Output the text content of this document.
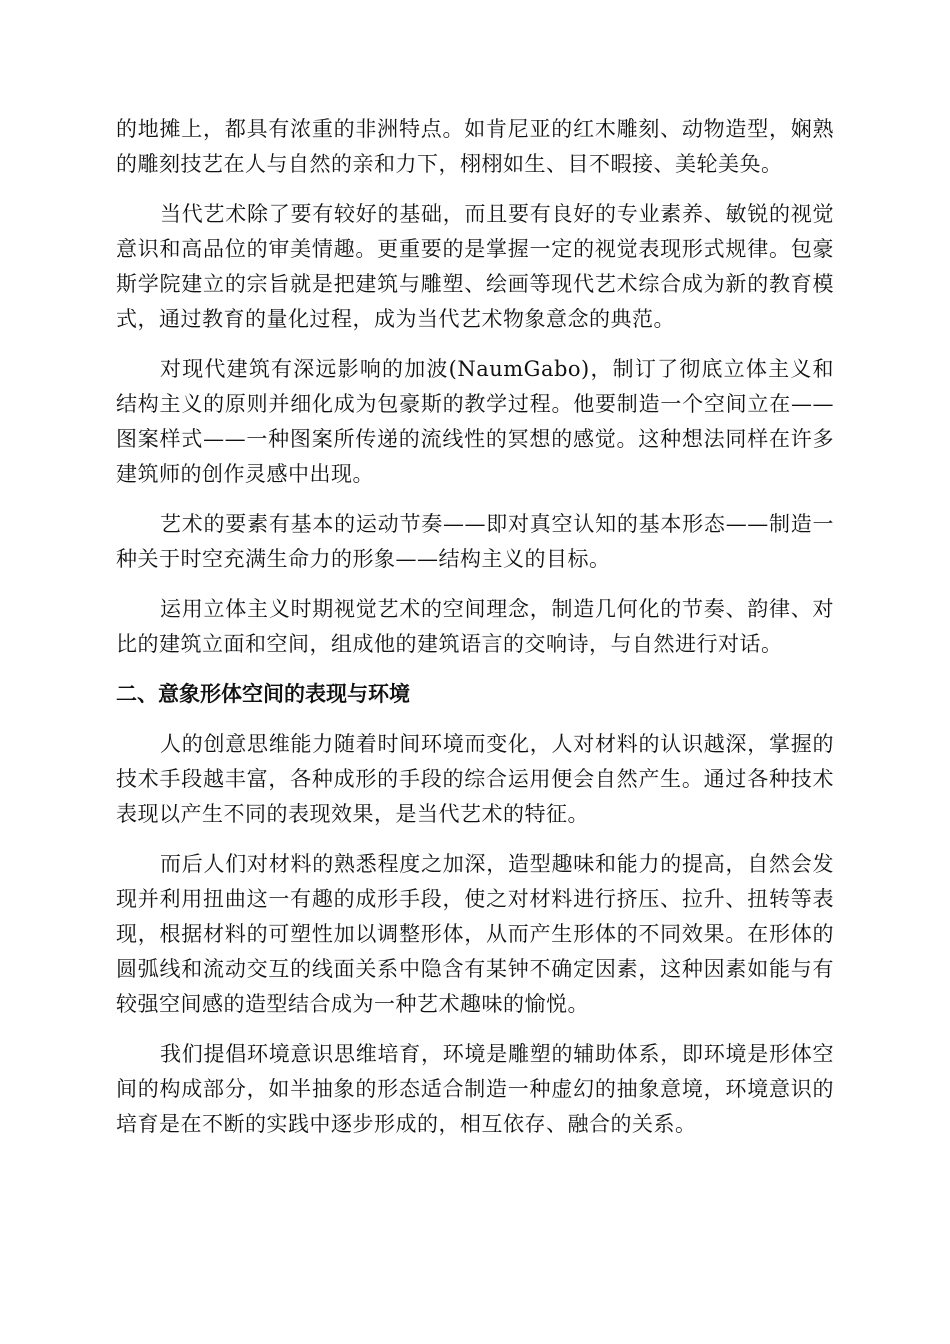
的地摊上，都具有浓重的非洲特点。如肯尼亚的红木雕刻、动物造型，娴熟的雕刻技艺在人与自然的亲和力下，栩栩如生、目不暇接、美轮美奂。

当代艺术除了要有较好的基础，而且要有良好的专业素养、敏锐的视觉意识和高品位的审美情趣。更重要的是掌握一定的视觉表现形式规律。包豪斯学院建立的宗旨就是把建筑与雕塑、绘画等现代艺术综合成为新的教育模式，通过教育的量化过程，成为当代艺术物象意念的典范。

对现代建筑有深远影响的加波(NaumGabo)，制订了彻底立体主义和结构主义的原则并细化成为包豪斯的教学过程。他要制造一个空间立在——图案样式——一种图案所传递的流线性的冥想的感觉。这种想法同样在许多建筑师的创作灵感中出现。

艺术的要素有基本的运动节奏——即对真空认知的基本形态——制造一种关于时空充满生命力的形象——结构主义的目标。

运用立体主义时期视觉艺术的空间理念，制造几何化的节奏、韵律、对比的建筑立面和空间，组成他的建筑语言的交响诗，与自然进行对话。

二、意象形体空间的表现与环境

人的创意思维能力随着时间环境而变化，人对材料的认识越深，掌握的技术手段越丰富，各种成形的手段的综合运用便会自然产生。通过各种技术表现以产生不同的表现效果，是当代艺术的特征。

而后人们对材料的熟悉程度之加深，造型趣味和能力的提高，自然会发现并利用扭曲这一有趣的成形手段，使之对材料进行挤压、拉升、扭转等表现，根据材料的可塑性加以调整形体，从而产生形体的不同效果。在形体的圆弧线和流动交互的线面关系中隐含有某钟不确定因素，这种因素如能与有较强空间感的造型结合成为一种艺术趣味的愉悦。

我们提倡环境意识思维培育，环境是雕塑的辅助体系，即环境是形体空间的构成部分，如半抽象的形态适合制造一种虚幻的抽象意境，环境意识的培育是在不断的实践中逐步形成的，相互依存、融合的关系。
